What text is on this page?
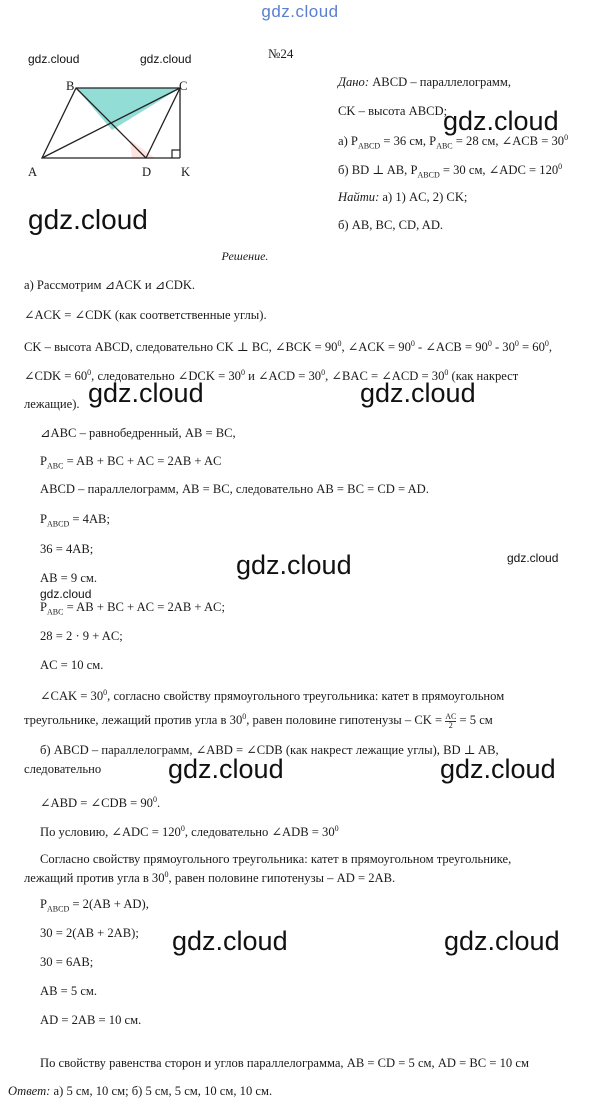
gdz.cloud
B	C
A	D K
№24
Дано: ABCD – параллелограмм,
CK – высота ABCD;
а) $P_{ABCD} = 36$ см, $P_{ABC} = 28$ см, ∠ACB = $30^0$
б) BD ⊥ AB, $P_{ABCD} = 30$ см, ∠ADC = $120^0$
Найти: а) 1) AC, 2) CK;
б) AB, BC, CD, AD.
Решение.
а) Рассмотрим ⊿ACK и ⊿CDK.
∠ACK = ∠CDK (как соответственные углы).
CK – высота ABCD, следовательно CK ⊥ BC, ∠BCK = $90^0$, ∠ACK = $90^0$ - ∠ACB = $90^0 - 30^0 = 60^0$,
∠CDK = $60^0$, следовательно ∠DCK = $30^0$ и ∠ACD = $30^0$, ∠BAC = ∠ACD = $30^0$ (как накрест
лежащие).
⊿ABC – равнобедренный, AB = BC,
$P_{ABC}$ = AB + BC + AC = 2AB + AC
ABCD – параллелограмм, AB = BC, следовательно AB = BC = CD = AD.
$P_{ABCD} = 4AB$;
36 = 4AB;
AB = 9 см.
$P_{ABC}$ = AB + BC + AC = 2AB + AC;
28 = 2 · 9 + AC;
AC = 10 см.
∠CAK = $30^0$, согласно свойству прямоугольного треугольника: катет в прямоугольном
треугольнике, лежащий против угла в $30^0$, равен половине гипотенузы – CK = $\frac{AC}{2} = 5$ см
б) ABCD – параллелограмм, ∠ABD = ∠CDB (как накрест лежащие углы), BD ⊥ AB,
следовательно
∠ABD = ∠CDB = $90^0$.
По условию, ∠ADC = $120^0$, следовательно ∠ADB = $30^0$
Согласно свойству прямоугольного треугольника: катет в прямоугольном треугольнике,
лежащий против угла в $30^0$, равен половине гипотенузы – AD = 2AB.
$P_{ABCD} = 2(AB + AD)$,
30 = 2(AB + 2AB);
30 = 6AB;
AB = 5 см.
AD = 2AB = 10 см.
По свойству равенства сторон и углов параллелограмма, AB = CD = 5 см, AD = BC = 10 см
Ответ: а) 5 см, 10 см; б) 5 см, 5 см, 10 см, 10 см.
gdz.cloud	gdz.cloud
gdz.cloud
gdz.cloud
gdz.cloud	gdz.cloud
gdz.cloud	gdz.cloud
gdz.cloud
gdz.cloud	gdz.cloud
gdz.cloud	gdz.cloud
